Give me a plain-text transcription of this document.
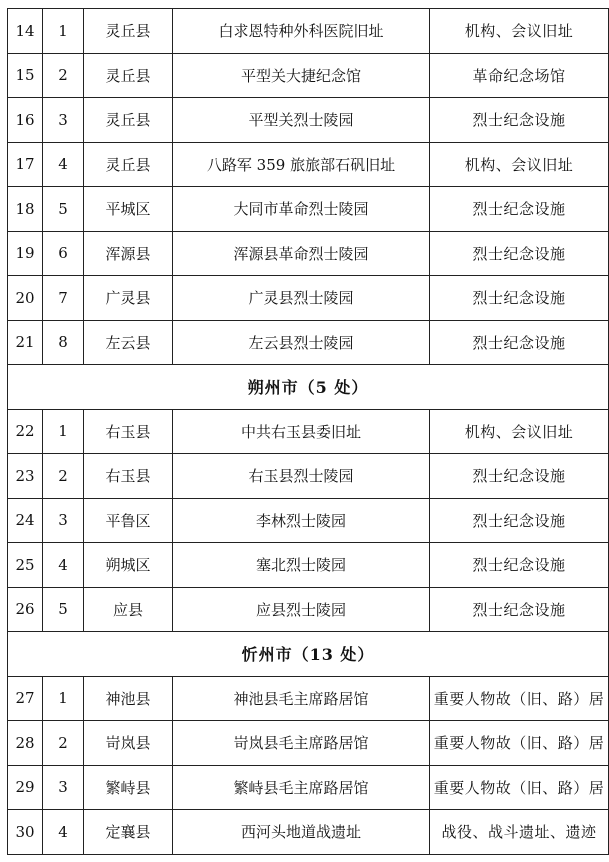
14	1	灵丘县	白求恩特种外科医院旧址	机构、会议旧址
15	2	灵丘县	平型关大捷纪念馆	革命纪念场馆
16	3	灵丘县	平型关烈士陵园	烈士纪念设施
17	4	灵丘县	八路军 359 旅旅部石矾旧址	机构、会议旧址
18	5	平城区	大同市革命烈士陵园	烈士纪念设施
19	6	浑源县	浑源县革命烈士陵园	烈士纪念设施
20	7	广灵县	广灵县烈士陵园	烈士纪念设施
21	8	左云县	左云县烈士陵园	烈士纪念设施
朔州市（5 处）				
22	1	右玉县	中共右玉县委旧址	机构、会议旧址
23	2	右玉县	右玉县烈士陵园	烈士纪念设施
24	3	平鲁区	李林烈士陵园	烈士纪念设施
25	4	朔城区	塞北烈士陵园	烈士纪念设施
26	5	应县	应县烈士陵园	烈士纪念设施
忻州市（13 处）				
27	1	神池县	神池县毛主席路居馆	重要人物故（旧、路）居
28	2	岢岚县	岢岚县毛主席路居馆	重要人物故（旧、路）居
29	3	繁峙县	繁峙县毛主席路居馆	重要人物故（旧、路）居
30	4	定襄县	西河头地道战遗址	战役、战斗遗址、遗迹
